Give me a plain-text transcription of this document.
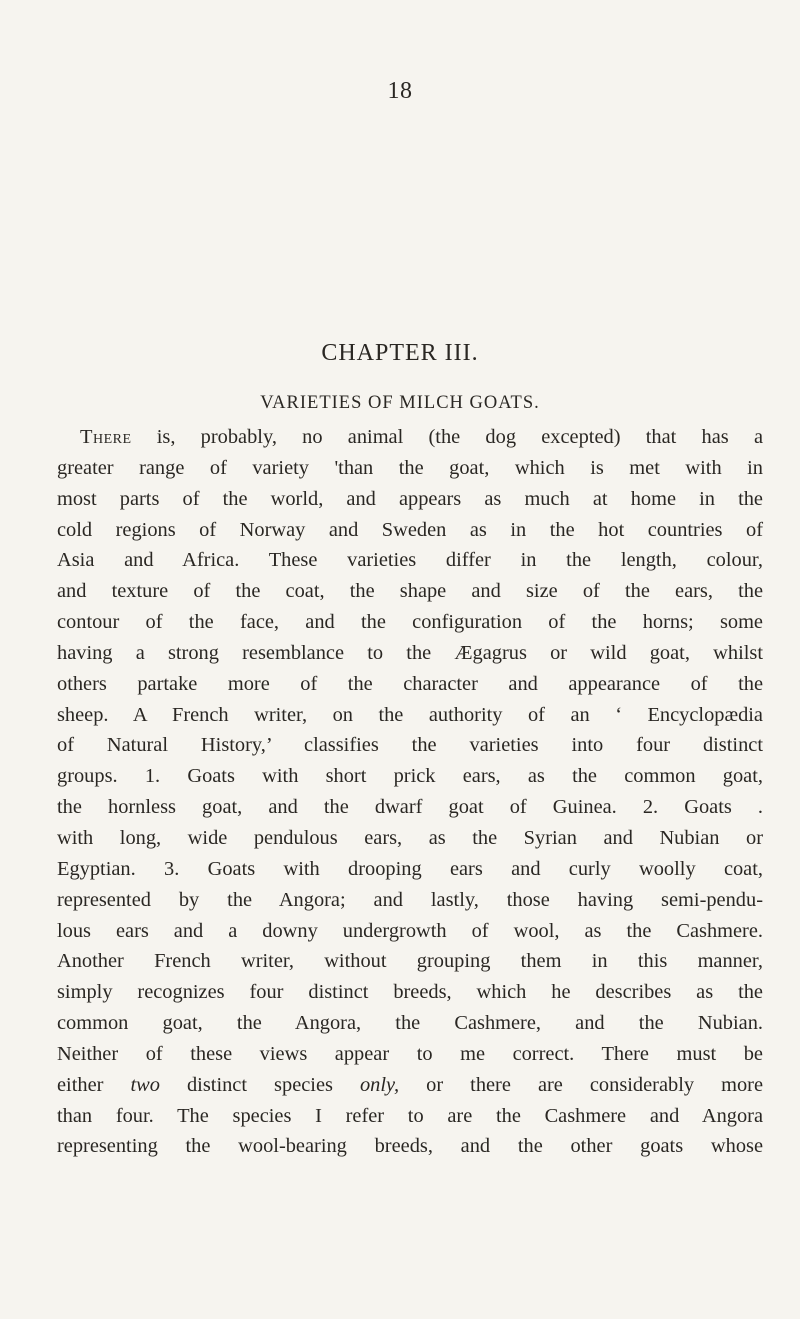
18
CHAPTER III.
VARIETIES OF MILCH GOATS.
There is, probably, no animal (the dog excepted) that has a
greater range of variety 'than the goat, which is met with in
most parts of the world, and appears as much at home in the
cold regions of Norway and Sweden as in the hot countries of
Asia and Africa. These varieties differ in the length, colour,
and texture of the coat, the shape and size of the ears, the
contour of the face, and the configuration of the horns; some
having a strong resemblance to the Ægagrus or wild goat, whilst
others partake more of the character and appearance of the
sheep. A French writer, on the authority of an ‘ Encyclopædia
of Natural History,’ classifies the varieties into four distinct
groups. 1. Goats with short prick ears, as the common goat,
the hornless goat, and the dwarf goat of Guinea. 2. Goats .
with long, wide pendulous ears, as the Syrian and Nubian or
Egyptian. 3. Goats with drooping ears and curly woolly coat,
represented by the Angora; and lastly, those having semi-pendu-
lous ears and a downy undergrowth of wool, as the Cashmere.
Another French writer, without grouping them in this manner,
simply recognizes four distinct breeds, which he describes as the
common goat, the Angora, the Cashmere, and the Nubian.
Neither of these views appear to me correct. There must be
either two distinct species only, or there are considerably more
than four. The species I refer to are the Cashmere and Angora
representing the wool-bearing breeds, and the other goats whose
